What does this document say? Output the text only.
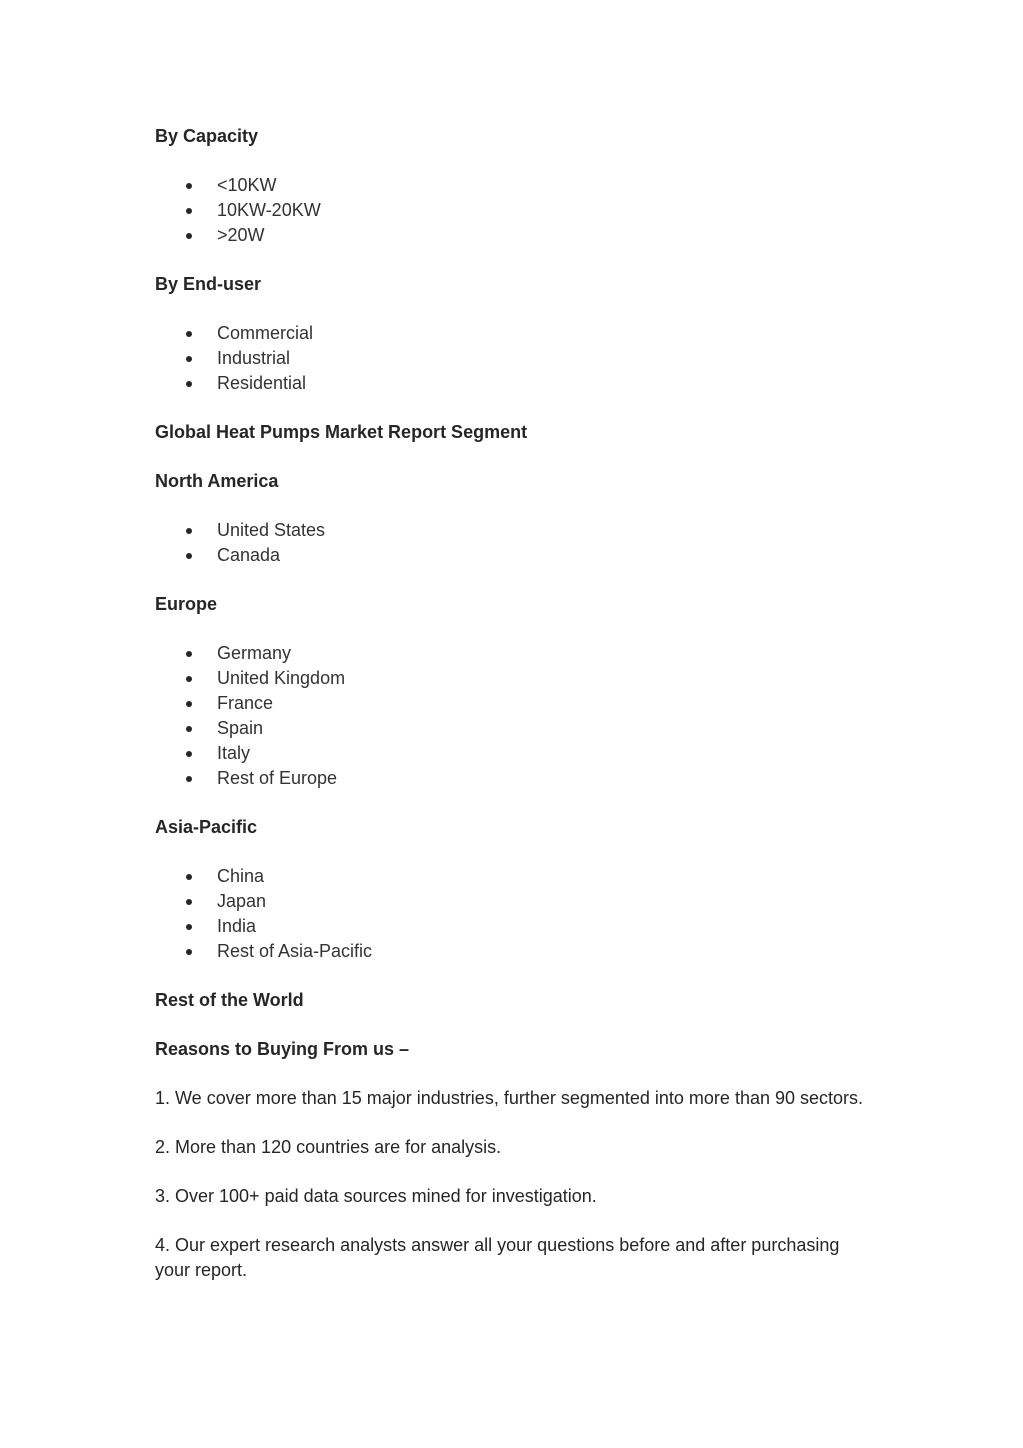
By Capacity
<10KW
10KW-20KW
>20W
By End-user
Commercial
Industrial
Residential
Global Heat Pumps Market Report Segment
North America
United States
Canada
Europe
Germany
United Kingdom
France
Spain
Italy
Rest of Europe
Asia-Pacific
China
Japan
India
Rest of Asia-Pacific
Rest of the World
Reasons to Buying From us –
1. We cover more than 15 major industries, further segmented into more than 90 sectors.
2. More than 120 countries are for analysis.
3. Over 100+ paid data sources mined for investigation.
4. Our expert research analysts answer all your questions before and after purchasing your report.
